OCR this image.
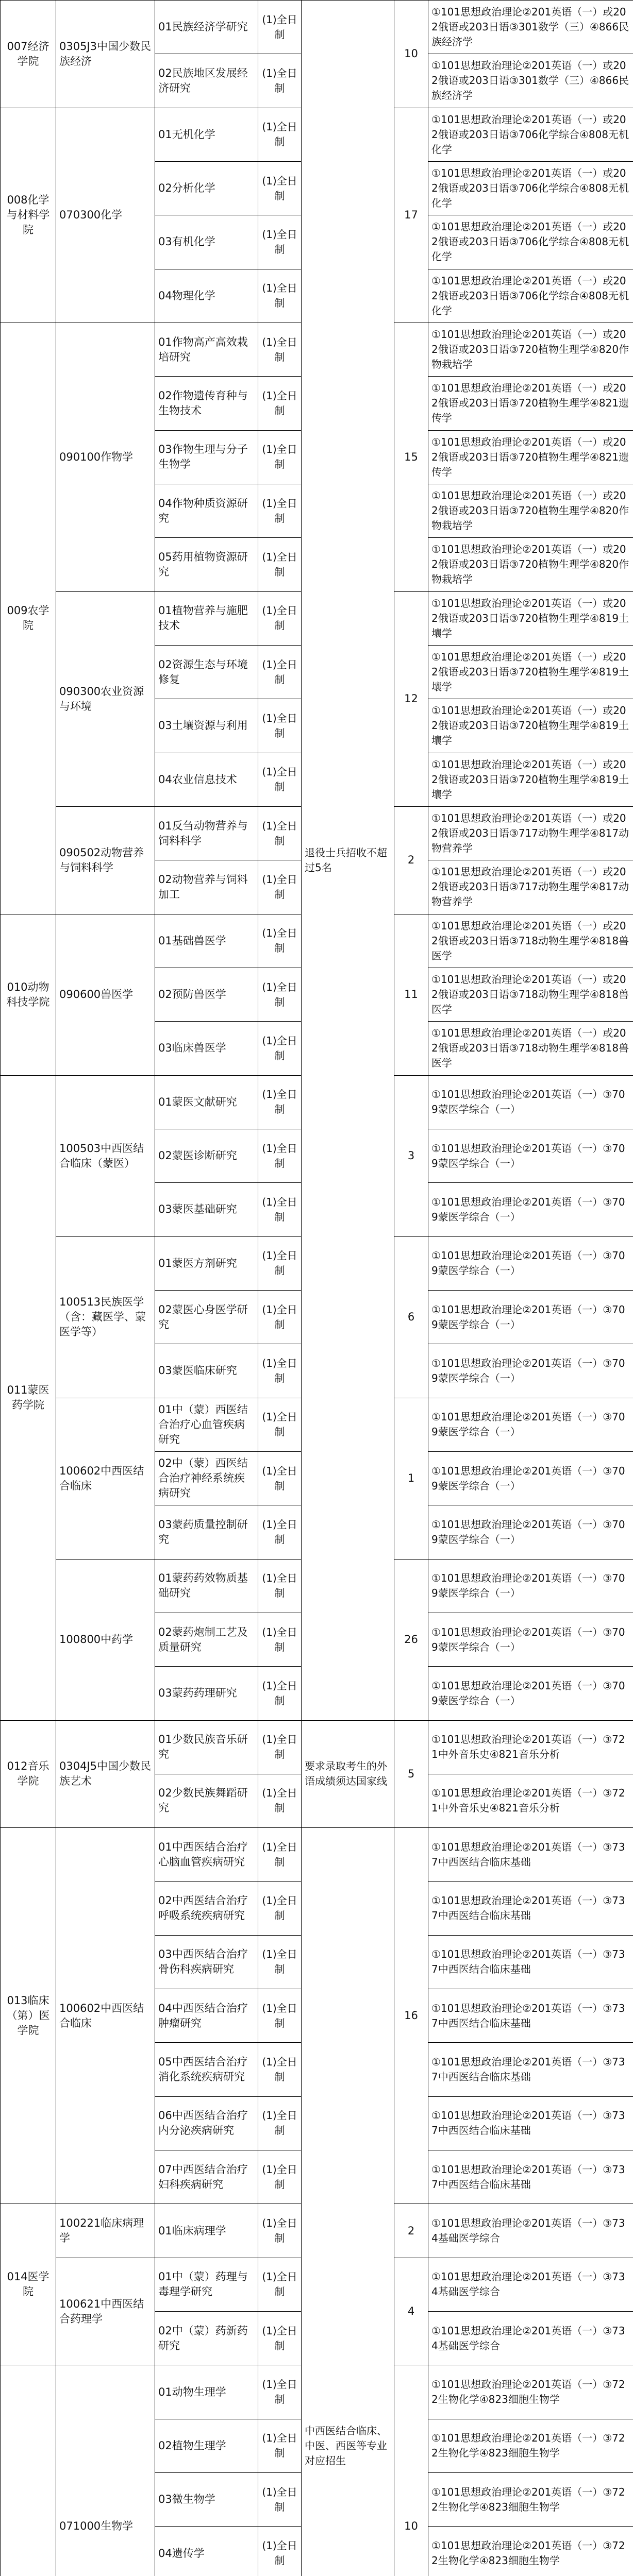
007经济学院	0305J3中国少数民族经济	01民族经济学研究	(1)全日制	退役士兵招收不超过5名	10	①101思想政治理论②201英语（一）或202俄语或203日语③301数学（三）④866民族经济学
		02民族地区发展经济研究	(1)全日制			①101思想政治理论②201英语（一）或202俄语或203日语③301数学（三）④866民族经济学
008化学与材料学院	070300化学	01无机化学	(1)全日制		17	①101思想政治理论②201英语（一）或202俄语或203日语③706化学综合④808无机化学
		02分析化学	(1)全日制			①101思想政治理论②201英语（一）或202俄语或203日语③706化学综合④808无机化学
		03有机化学	(1)全日制			①101思想政治理论②201英语（一）或202俄语或203日语③706化学综合④808无机化学
		04物理化学	(1)全日制			①101思想政治理论②201英语（一）或202俄语或203日语③706化学综合④808无机化学
009农学院	090100作物学	01作物高产高效栽培研究	(1)全日制		15	①101思想政治理论②201英语（一）或202俄语或203日语③720植物生理学④820作物栽培学
		02作物遗传育种与生物技术	(1)全日制			①101思想政治理论②201英语（一）或202俄语或203日语③720植物生理学④821遗传学
		03作物生理与分子生物学	(1)全日制			①101思想政治理论②201英语（一）或202俄语或203日语③720植物生理学④821遗传学
		04作物种质资源研究	(1)全日制			①101思想政治理论②201英语（一）或202俄语或203日语③720植物生理学④820作物栽培学
		05药用植物资源研究	(1)全日制			①101思想政治理论②201英语（一）或202俄语或203日语③720植物生理学④820作物栽培学
	090300农业资源与环境	01植物营养与施肥技术	(1)全日制		12	①101思想政治理论②201英语（一）或202俄语或203日语③720植物生理学④819土壤学
		02资源生态与环境修复	(1)全日制			①101思想政治理论②201英语（一）或202俄语或203日语③720植物生理学④819土壤学
		03土壤资源与利用	(1)全日制			①101思想政治理论②201英语（一）或202俄语或203日语③720植物生理学④819土壤学
		04农业信息技术	(1)全日制			①101思想政治理论②201英语（一）或202俄语或203日语③720植物生理学④819土壤学
	090502动物营养与饲料科学	01反刍动物营养与饲料科学	(1)全日制		2	①101思想政治理论②201英语（一）或202俄语或203日语③717动物生理学④817动物营养学
		02动物营养与饲料加工	(1)全日制			①101思想政治理论②201英语（一）或202俄语或203日语③717动物生理学④817动物营养学
010动物科技学院	090600兽医学	01基础兽医学	(1)全日制		11	①101思想政治理论②201英语（一）或202俄语或203日语③718动物生理学④818兽医学
		02预防兽医学	(1)全日制			①101思想政治理论②201英语（一）或202俄语或203日语③718动物生理学④818兽医学
		03临床兽医学	(1)全日制			①101思想政治理论②201英语（一）或202俄语或203日语③718动物生理学④818兽医学
011蒙医药学院	100503中西医结合临床（蒙医）	01蒙医文献研究	(1)全日制		3	①101思想政治理论②201英语（一）③709蒙医学综合（一）
		02蒙医诊断研究	(1)全日制			①101思想政治理论②201英语（一）③709蒙医学综合（一）
		03蒙医基础研究	(1)全日制			①101思想政治理论②201英语（一）③709蒙医学综合（一）
	100513民族医学（含：藏医学、蒙医学等）	01蒙医方剂研究	(1)全日制		6	①101思想政治理论②201英语（一）③709蒙医学综合（一）
		02蒙医心身医学研究	(1)全日制			①101思想政治理论②201英语（一）③709蒙医学综合（一）
		03蒙医临床研究	(1)全日制			①101思想政治理论②201英语（一）③709蒙医学综合（一）
	100602中西医结合临床	01中（蒙）西医结合治疗心血管疾病研究	(1)全日制		1	①101思想政治理论②201英语（一）③709蒙医学综合（一）
		02中（蒙）西医结合治疗神经系统疾病研究	(1)全日制			①101思想政治理论②201英语（一）③709蒙医学综合（一）
		03蒙药质量控制研究	(1)全日制			①101思想政治理论②201英语（一）③709蒙医学综合（一）
	100800中药学	01蒙药药效物质基础研究	(1)全日制		26	①101思想政治理论②201英语（一）③709蒙医学综合（一）
		02蒙药炮制工艺及质量研究	(1)全日制			①101思想政治理论②201英语（一）③709蒙医学综合（一）
		03蒙药药理研究	(1)全日制			①101思想政治理论②201英语（一）③709蒙医学综合（一）
012音乐学院	0304J5中国少数民族艺术	01少数民族音乐研究	(1)全日制	要求录取考生的外语成绩须达国家线	5	①101思想政治理论②201英语（一）③721中外音乐史④821音乐分析
		02少数民族舞蹈研究	(1)全日制			①101思想政治理论②201英语（一）③721中外音乐史④821音乐分析
013临床（第）医学院	100602中西医结合临床	01中西医结合治疗心脑血管疾病研究	(1)全日制	中西医结合临床、中医、西医等专业对应招生	16	①101思想政治理论②201英语（一）③737中西医结合临床基础
		02中西医结合治疗呼吸系统疾病研究	(1)全日制			①101思想政治理论②201英语（一）③737中西医结合临床基础
		03中西医结合治疗骨伤科疾病研究	(1)全日制			①101思想政治理论②201英语（一）③737中西医结合临床基础
		04中西医结合治疗肿瘤研究	(1)全日制			①101思想政治理论②201英语（一）③737中西医结合临床基础
		05中西医结合治疗消化系统疾病研究	(1)全日制			①101思想政治理论②201英语（一）③737中西医结合临床基础
		06中西医结合治疗内分泌疾病研究	(1)全日制			①101思想政治理论②201英语（一）③737中西医结合临床基础
		07中西医结合治疗妇科疾病研究	(1)全日制			①101思想政治理论②201英语（一）③737中西医结合临床基础
014医学院	100221临床病理学	01临床病理学	(1)全日制		2	①101思想政治理论②201英语（一）③734基础医学综合
	100621中西医结合药理学	01中（蒙）药理与毒理学研究	(1)全日制		4	①101思想政治理论②201英语（一）③734基础医学综合
		02中（蒙）药新药研究	(1)全日制			①101思想政治理论②201英语（一）③734基础医学综合
	071000生物学	01动物生理学	(1)全日制		10	①101思想政治理论②201英语（一）③722生物化学④823细胞生物学
		02植物生理学	(1)全日制			①101思想政治理论②201英语（一）③722生物化学④823细胞生物学
		03微生物学	(1)全日制			①101思想政治理论②201英语（一）③722生物化学④823细胞生物学
		04遗传学	(1)全日制			①101思想政治理论②201英语（一）③722生物化学④823细胞生物学
